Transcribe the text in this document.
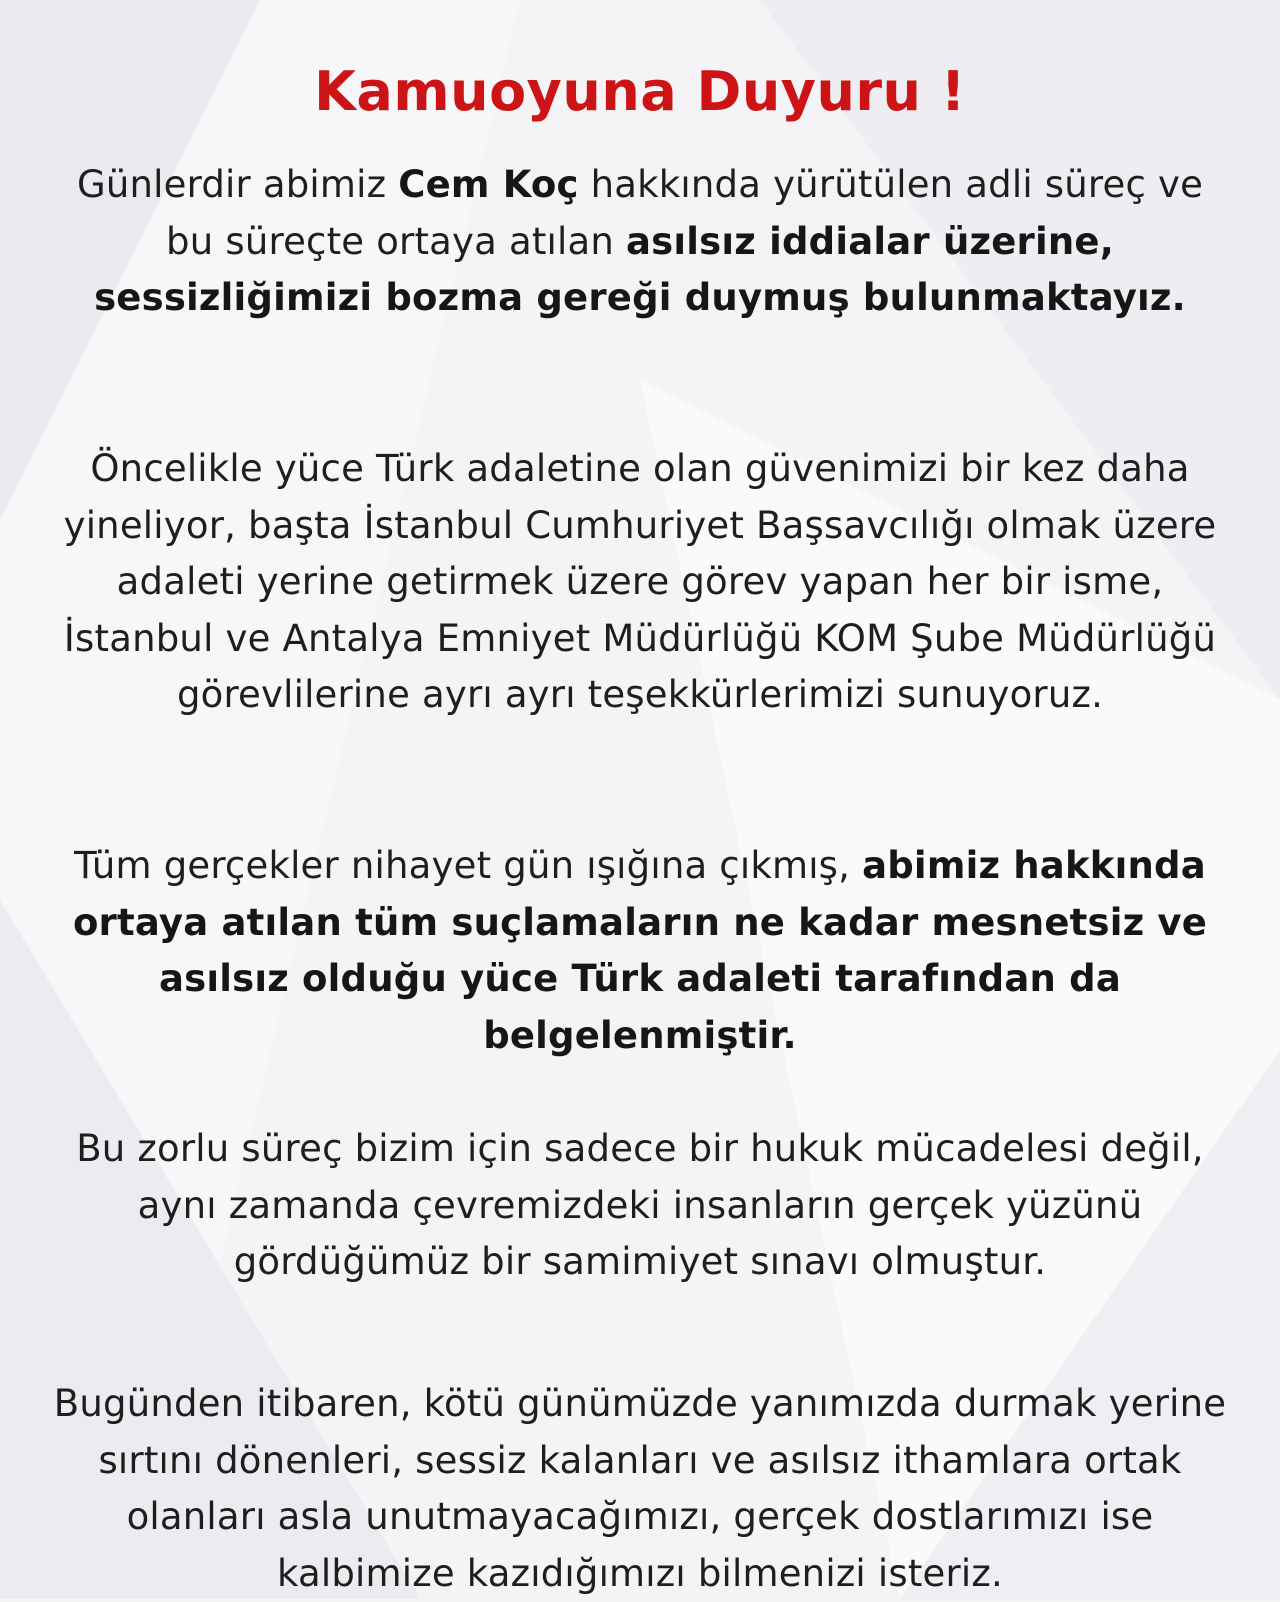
Kamuoyuna Duyuru !

Günlerdir abimiz Cem Koç hakkında yürütülen adli süreç ve bu süreçte ortaya atılan asılsız iddialar üzerine, sessizliğimizi bozma gereği duymuş bulunmaktayız.

Öncelikle yüce Türk adaletine olan güvenimizi bir kez daha yineliyor, başta İstanbul Cumhuriyet Başsavcılığı olmak üzere adaleti yerine getirmek üzere görev yapan her bir isme, İstanbul ve Antalya Emniyet Müdürlüğü KOM Şube Müdürlüğü görevlilerine ayrı ayrı teşekkürlerimizi sunuyoruz.

Tüm gerçekler nihayet gün ışığına çıkmış, abimiz hakkında ortaya atılan tüm suçlamaların ne kadar mesnetsiz ve asılsız olduğu yüce Türk adaleti tarafından da belgelenmiştir.

Bu zorlu süreç bizim için sadece bir hukuk mücadelesi değil, aynı zamanda çevremizdeki insanların gerçek yüzünü gördüğümüz bir samimiyet sınavı olmuştur.

Bugünden itibaren, kötü günümüzde yanımızda durmak yerine sırtını dönenleri, sessiz kalanları ve asılsız ithamlara ortak olanları asla unutmayacağımızı, gerçek dostlarımızı ise kalbimize kazıdığımızı bilmenizi isteriz.
